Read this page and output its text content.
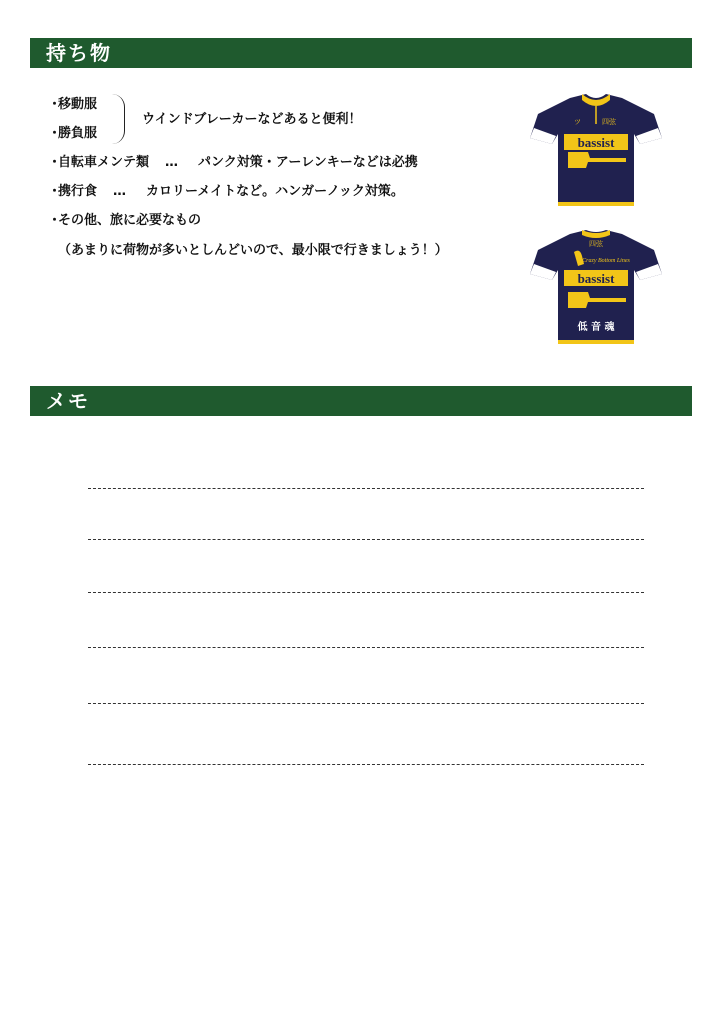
持ち物
・移動服
・勝負服
ウインドブレーカーなどあると便利！
・自転車メンテ類 … パンク対策・アーレンキーなどは必携
・携行食 … カロリーメイトなど。ハンガーノック対策。
・その他、旅に必要なもの
（あまりに荷物が多いとしんどいので、最小限で行きましょう！）
bassist
ツ	四弦
四弦
Crazy Bottom Lines
bassist
低 音 魂
メモ
